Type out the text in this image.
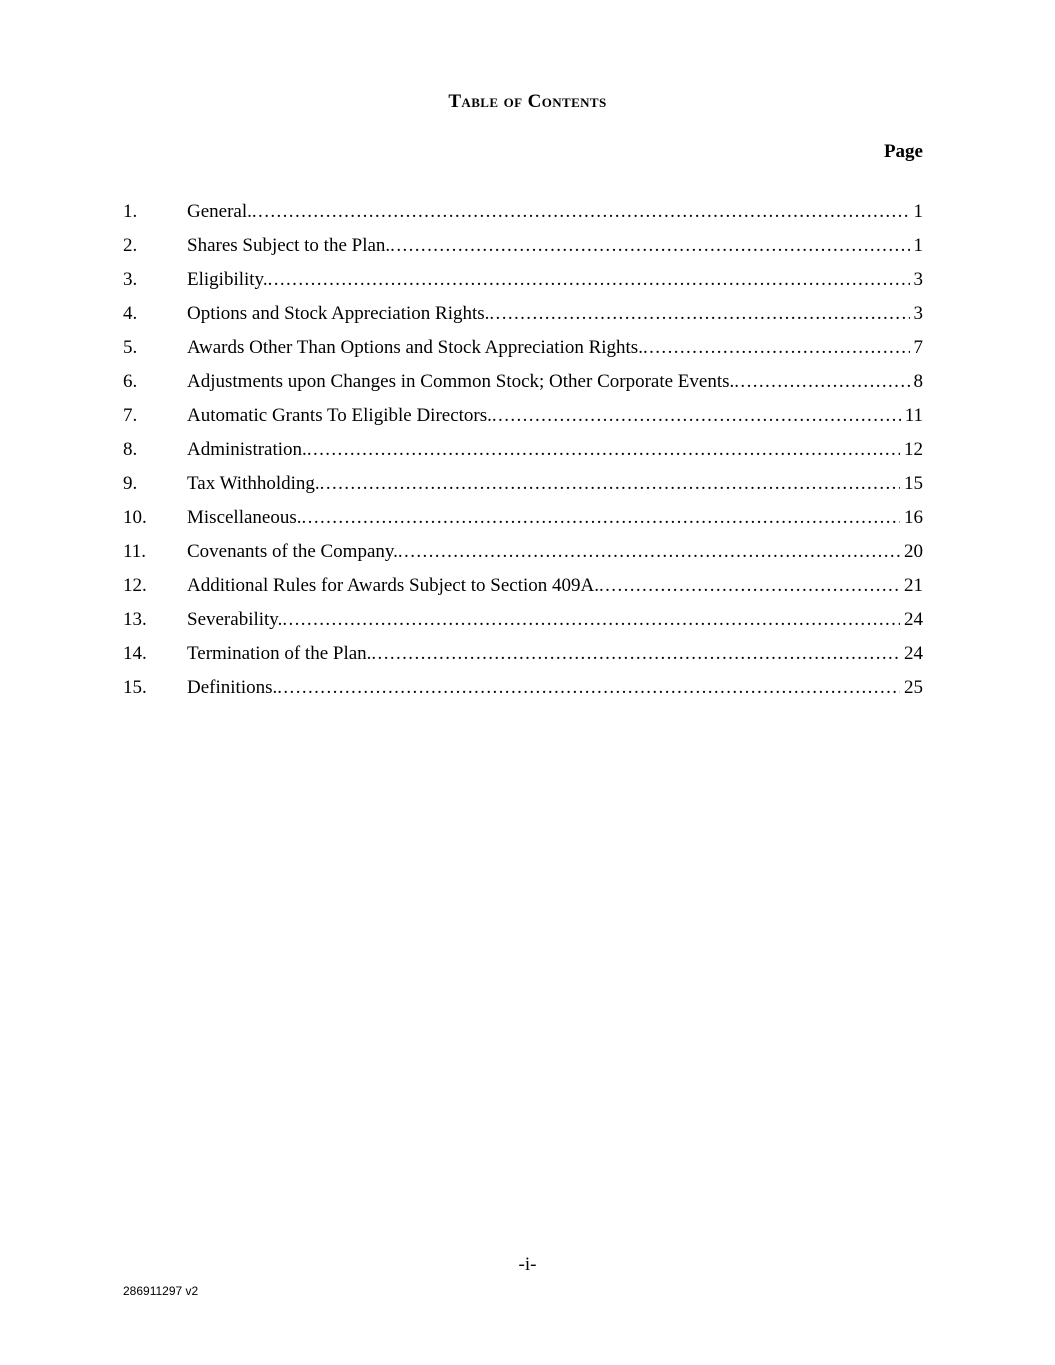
Table of Contents
Page
1.	General. .....	1
2.	Shares Subject to the Plan. .....	1
3.	Eligibility. .....	3
4.	Options and Stock Appreciation Rights. .....	3
5.	Awards Other Than Options and Stock Appreciation Rights. .....	7
6.	Adjustments upon Changes in Common Stock; Other Corporate Events. .....	8
7.	Automatic Grants To Eligible Directors. .....	11
8.	Administration. .....	12
9.	Tax Withholding. .....	15
10.	Miscellaneous. .....	16
11.	Covenants of the Company. .....	20
12.	Additional Rules for Awards Subject to Section 409A. .....	21
13.	Severability. .....	24
14.	Termination of the Plan. .....	24
15.	Definitions. .....	25
-i-
286911297 v2
